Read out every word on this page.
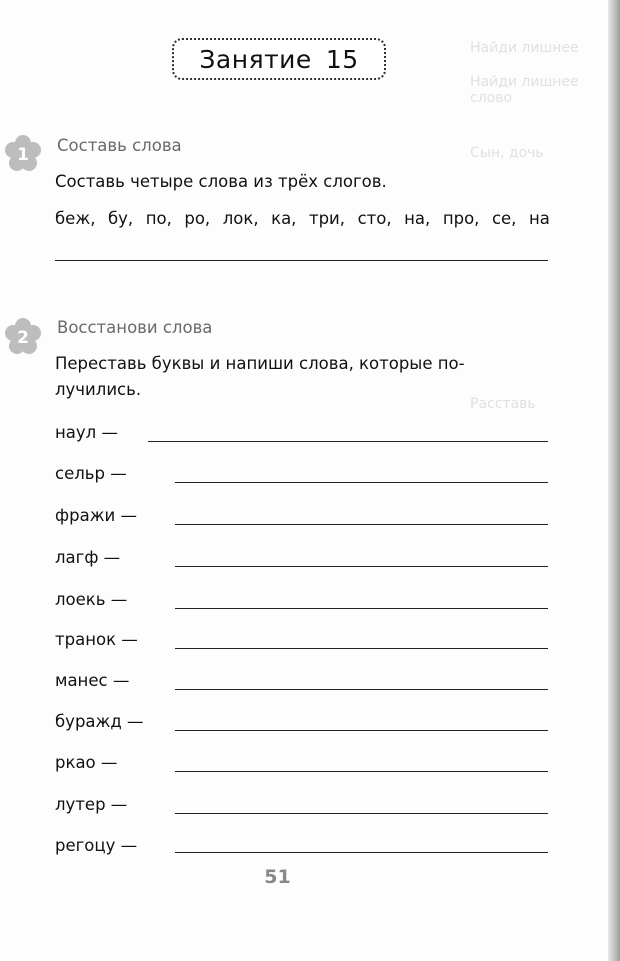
Найди лишнее
Найди лишнее слово
Сын, дочь
Расставь
Занятие 15
1 Составь слова
Составь четыре слова из трёх слогов.
беж, бу, по, ро, лок, ка, три, сто, на, про, се, на
2
Восстанови слова
Переставь буквы и напиши слова, которые по-
лучились.
наул —
сельр —
фражи —
лагф —
лоекь —
транок —
манес —
буражд —
ркао —
лутер —
регоцу —
51
